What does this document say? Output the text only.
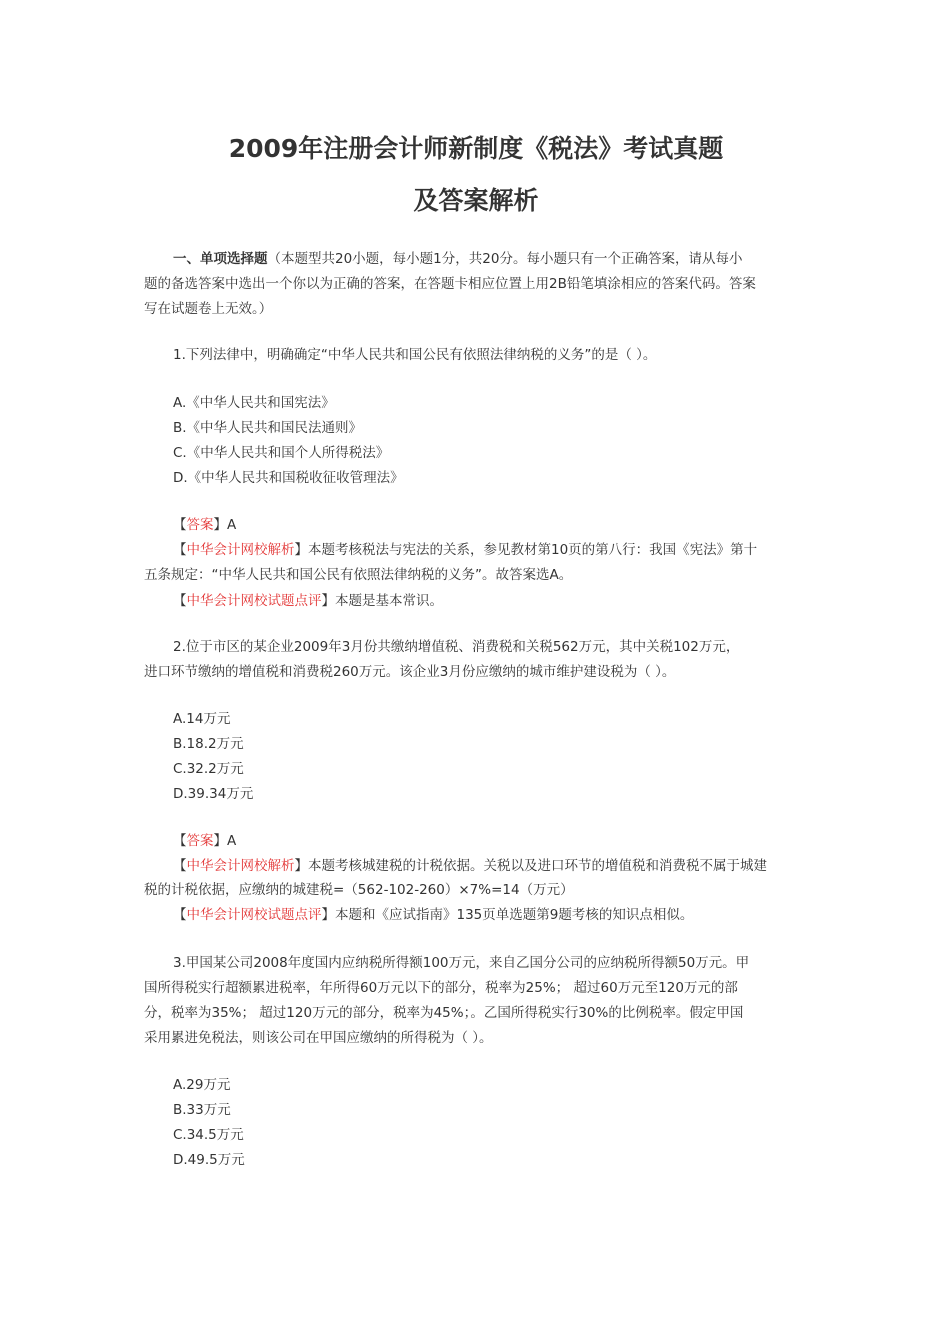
2009年注册会计师新制度《税法》考试真题
及答案解析
一、单项选择题（本题型共20小题，每小题1分，共20分。每小题只有一个正确答案，请从每小
题的备选答案中选出一个你以为正确的答案，在答题卡相应位置上用2B铅笔填涂相应的答案代码。答案
写在试题卷上无效。）
1.下列法律中，明确确定“中华人民共和国公民有依照法律纳税的义务”的是（ ）。
A.《中华人民共和国宪法》
B.《中华人民共和国民法通则》
C.《中华人民共和国个人所得税法》
D.《中华人民共和国税收征收管理法》
【答案】A
【中华会计网校解析】本题考核税法与宪法的关系，参见教材第10页的第八行：我国《宪法》第十
五条规定：“中华人民共和国公民有依照法律纳税的义务”。故答案选A。
【中华会计网校试题点评】本题是基本常识。
2.位于市区的某企业2009年3月份共缴纳增值税、消费税和关税562万元，其中关税102万元，
进口环节缴纳的增值税和消费税260万元。该企业3月份应缴纳的城市维护建设税为（ ）。
A.14万元
B.18.2万元
C.32.2万元
D.39.34万元
【答案】A
【中华会计网校解析】本题考核城建税的计税依据。关税以及进口环节的增值税和消费税不属于城建
税的计税依据，应缴纳的城建税=（562-102-260）×7%=14（万元）
【中华会计网校试题点评】本题和《应试指南》135页单选题第9题考核的知识点相似。
3.甲国某公司2008年度国内应纳税所得额100万元，来自乙国分公司的应纳税所得额50万元。甲
国所得税实行超额累进税率，年所得60万元以下的部分，税率为25%； 超过60万元至120万元的部
分，税率为35%； 超过120万元的部分，税率为45%；。乙国所得税实行30%的比例税率。假定甲国
采用累进免税法，则该公司在甲国应缴纳的所得税为（ ）。
A.29万元
B.33万元
C.34.5万元
D.49.5万元
